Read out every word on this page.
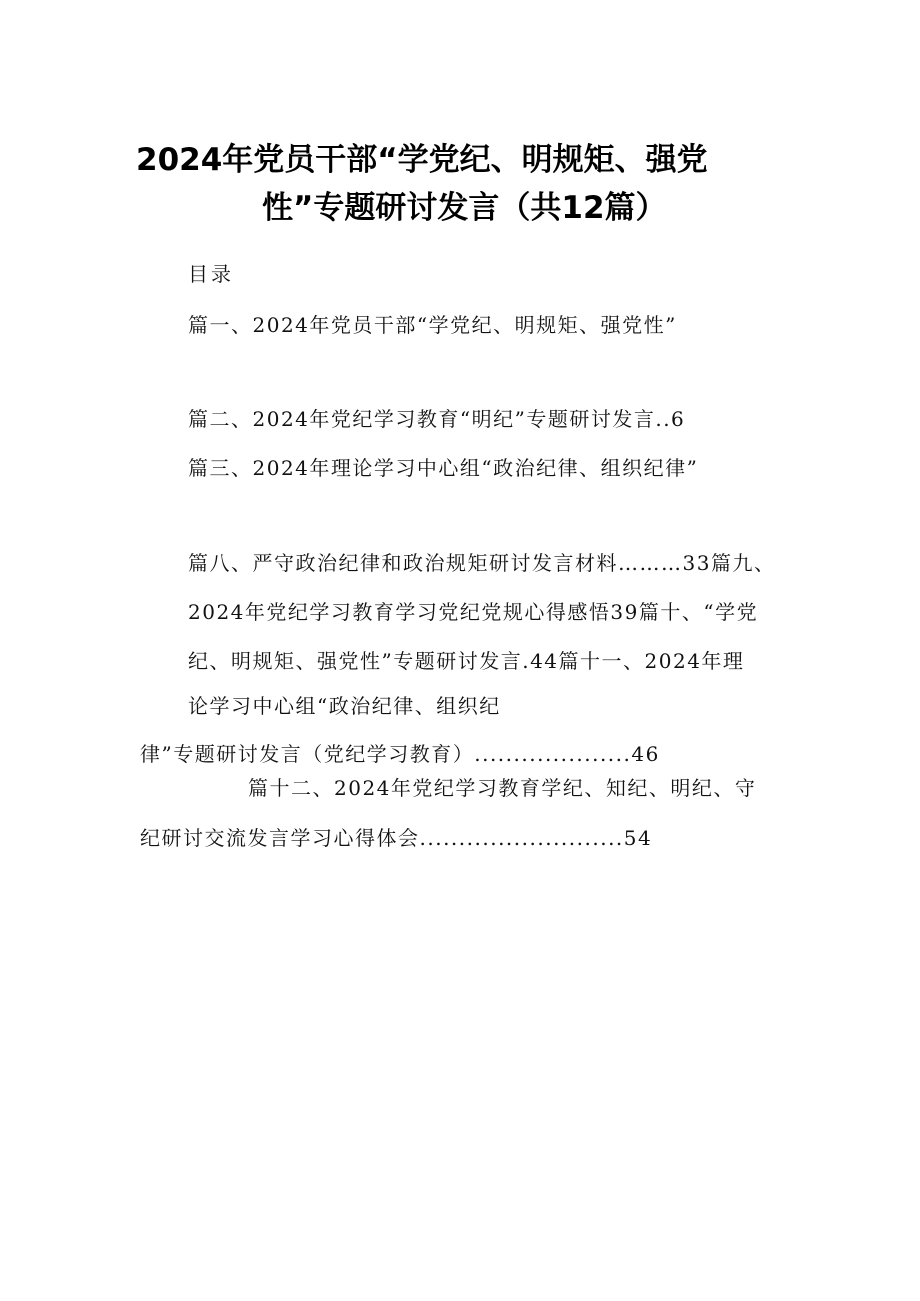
2024年党员干部“学党纪、明规矩、强党
性”专题研讨发言（共12篇）
目录
篇一、2024年党员干部“学党纪、明规矩、强党性”
篇二、2024年党纪学习教育“明纪”专题研讨发言..6
篇三、2024年理论学习中心组“政治纪律、组织纪律”
篇八、严守政治纪律和政治规矩研讨发言材料………33篇九、
2024年党纪学习教育学习党纪党规心得感悟39篇十、“学党
纪、明规矩、强党性”专题研讨发言.44篇十一、2024年理
论学习中心组“政治纪律、组织纪
律”专题研讨发言（党纪学习教育）....................46
篇十二、2024年党纪学习教育学纪、知纪、明纪、守
纪研讨交流发言学习心得体会..........................54
